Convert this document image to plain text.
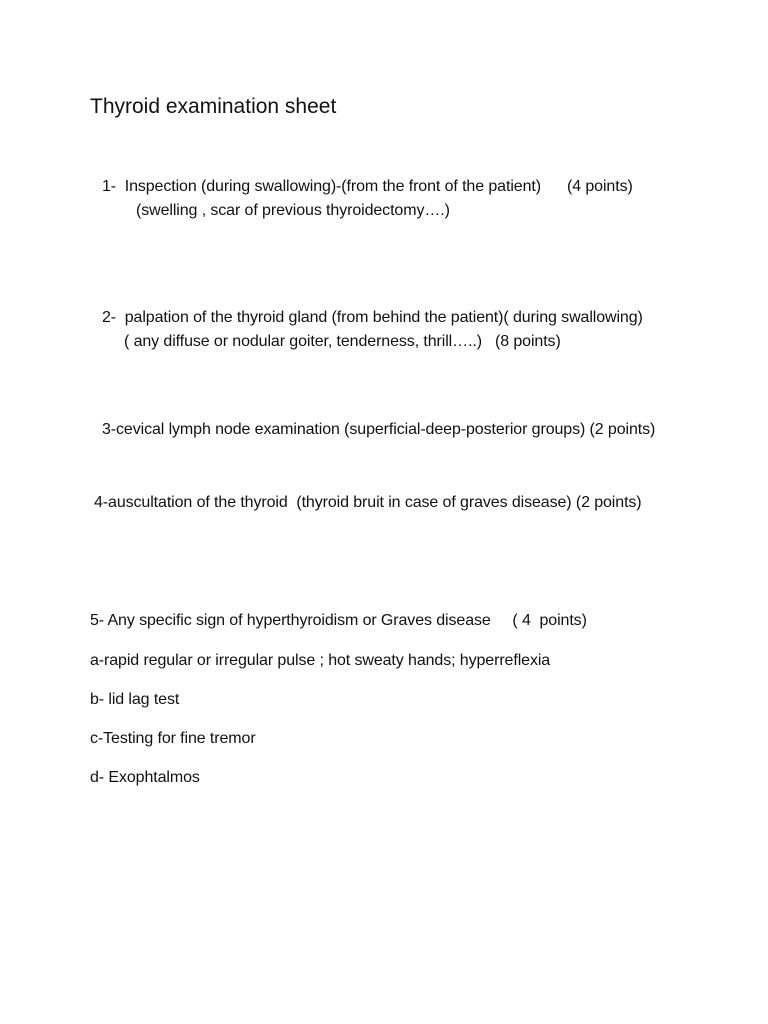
Thyroid examination sheet
1-  Inspection (during swallowing)-(from the front of the patient)      (4 points)
(swelling , scar of previous thyroidectomy….)
2-  palpation of the thyroid gland (from behind the patient)( during swallowing)
( any diffuse or nodular goiter, tenderness, thrill…..)   (8 points)
3-cevical lymph node examination (superficial-deep-posterior groups) (2 points)
4-auscultation of the thyroid  (thyroid bruit in case of graves disease) (2 points)
5- Any specific sign of hyperthyroidism or Graves disease     ( 4  points)
a-rapid regular or irregular pulse ; hot sweaty hands; hyperreflexia
b- lid lag test
c-Testing for fine tremor
d- Exophtalmos
